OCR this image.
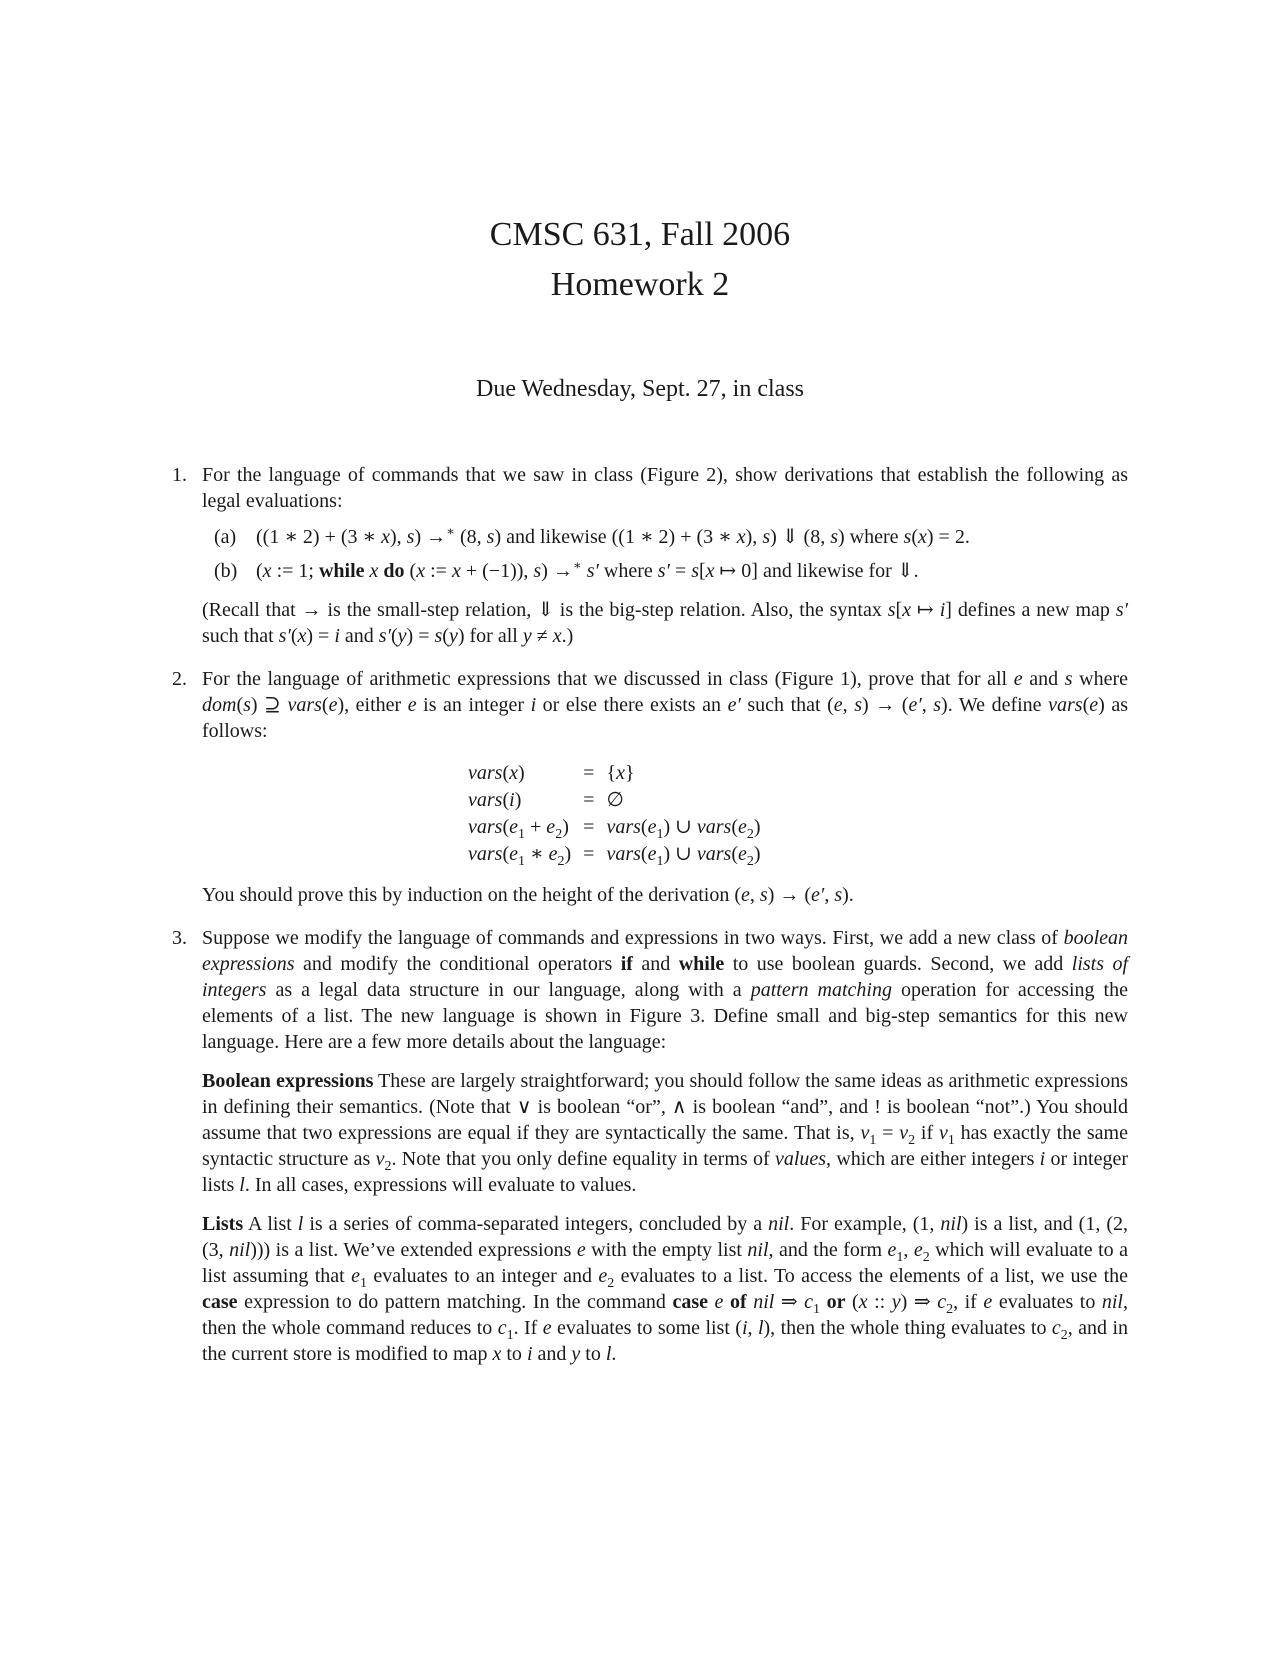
CMSC 631, Fall 2006
Homework 2
Due Wednesday, Sept. 27, in class
1. For the language of commands that we saw in class (Figure 2), show derivations that establish the following as legal evaluations:

(a) ((1 ∗ 2) + (3 ∗ x), s) →∗ (8, s) and likewise ((1 ∗ 2) + (3 ∗ x), s) ⇓ (8, s) where s(x) = 2.
(b) (x := 1; while x do (x := x + (−1)), s) →∗ s′ where s′ = s[x ↦ 0] and likewise for ⇓.

(Recall that → is the small-step relation, ⇓ is the big-step relation. Also, the syntax s[x ↦ i] defines a new map s′ such that s′(x) = i and s′(y) = s(y) for all y ≠ x.)

2. For the language of arithmetic expressions that we discussed in class (Figure 1), prove that for all e and s where dom(s) ⊇ vars(e), either e is an integer i or else there exists an e′ such that (e, s) → (e′, s). We define vars(e) as follows:

vars(x)	=	{x}
vars(i)	=	∅
$vars(e_1 + e_2)$	=	$vars(e_1)$ ∪ $vars(e_2)$
$vars(e_1$ ∗ $e_2$)	=	$vars(e_1)$ ∪ $vars(e_2)$

You should prove this by induction on the height of the derivation (e, s) → (e′, s).

3. Suppose we modify the language of commands and expressions in two ways. First, we add a new class of boolean expressions and modify the conditional operators if and while to use boolean guards. Second, we add lists of integers as a legal data structure in our language, along with a pattern matching operation for accessing the elements of a list. The new language is shown in Figure 3. Define small and big-step semantics for this new language. Here are a few more details about the language:

Boolean expressions These are largely straightforward; you should follow the same ideas as arithmetic expressions in defining their semantics. (Note that ∨ is boolean “or”, ∧ is boolean “and”, and ! is boolean “not”.) You should assume that two expressions are equal if they are syntactically the same. That is, $v_1 = v_2$ if $v_1$ has exactly the same syntactic structure as $v_2$. Note that you only define equality in terms of values, which are either integers i or integer lists l. In all cases, expressions will evaluate to values.

Lists A list l is a series of comma-separated integers, concluded by a nil. For example, (1, nil) is a list, and (1, (2, (3, nil))) is a list. We’ve extended expressions e with the empty list nil, and the form $e_1$, $e_2$ which will evaluate to a list assuming that $e_1$ evaluates to an integer and $e_2$ evaluates to a list. To access the elements of a list, we use the case expression to do pattern matching. In the command case e of nil ⇒ $c_1$ or (x :: y) ⇒ $c_2$, if e evaluates to nil, then the whole command reduces to $c_1$. If e evaluates to some list (i, l), then the whole thing evaluates to $c_2$, and in the current store is modified to map x to i and y to l.
